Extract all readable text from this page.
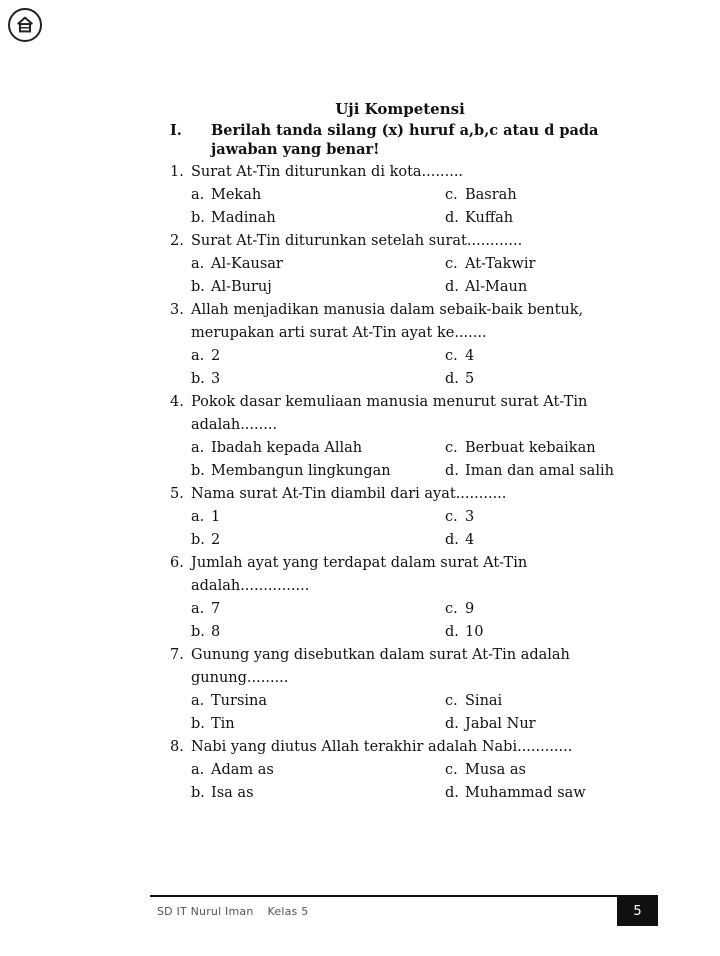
Uji Kompetensi
I.	Berilah tanda silang (x) huruf a,b,c atau d pada jawaban yang benar!
1. Surat At-Tin diturunkan di kota.........
a. Mekah	c. Basrah
b. Madinah	d. Kuffah
2. Surat At-Tin diturunkan setelah surat............
a. Al-Kausar	c. At-Takwir
b. Al-Buruj	d. Al-Maun
3. Allah menjadikan manusia dalam sebaik-baik bentuk, merupakan arti surat At-Tin ayat ke.......
a. 2	c. 4
b. 3	d. 5
4. Pokok dasar kemuliaan manusia menurut surat At-Tin adalah........
a. Ibadah kepada Allah	c. Berbuat kebaikan
b. Membangun lingkungan	d. Iman dan amal salih
5. Nama surat At-Tin diambil dari ayat...........
a. 1	c. 3
b. 2	d. 4
6. Jumlah ayat yang terdapat dalam surat At-Tin adalah...............
a. 7	c. 9
b. 8	d. 10
7. Gunung yang disebutkan dalam surat At-Tin adalah gunung.........
a. Tursina	c. Sinai
b. Tin	d. Jabal Nur
8. Nabi yang diutus Allah terakhir adalah Nabi............
a. Adam as	c. Musa as
b. Isa as	d. Muhammad saw
SD IT Nurul Iman Kelas 5	5
